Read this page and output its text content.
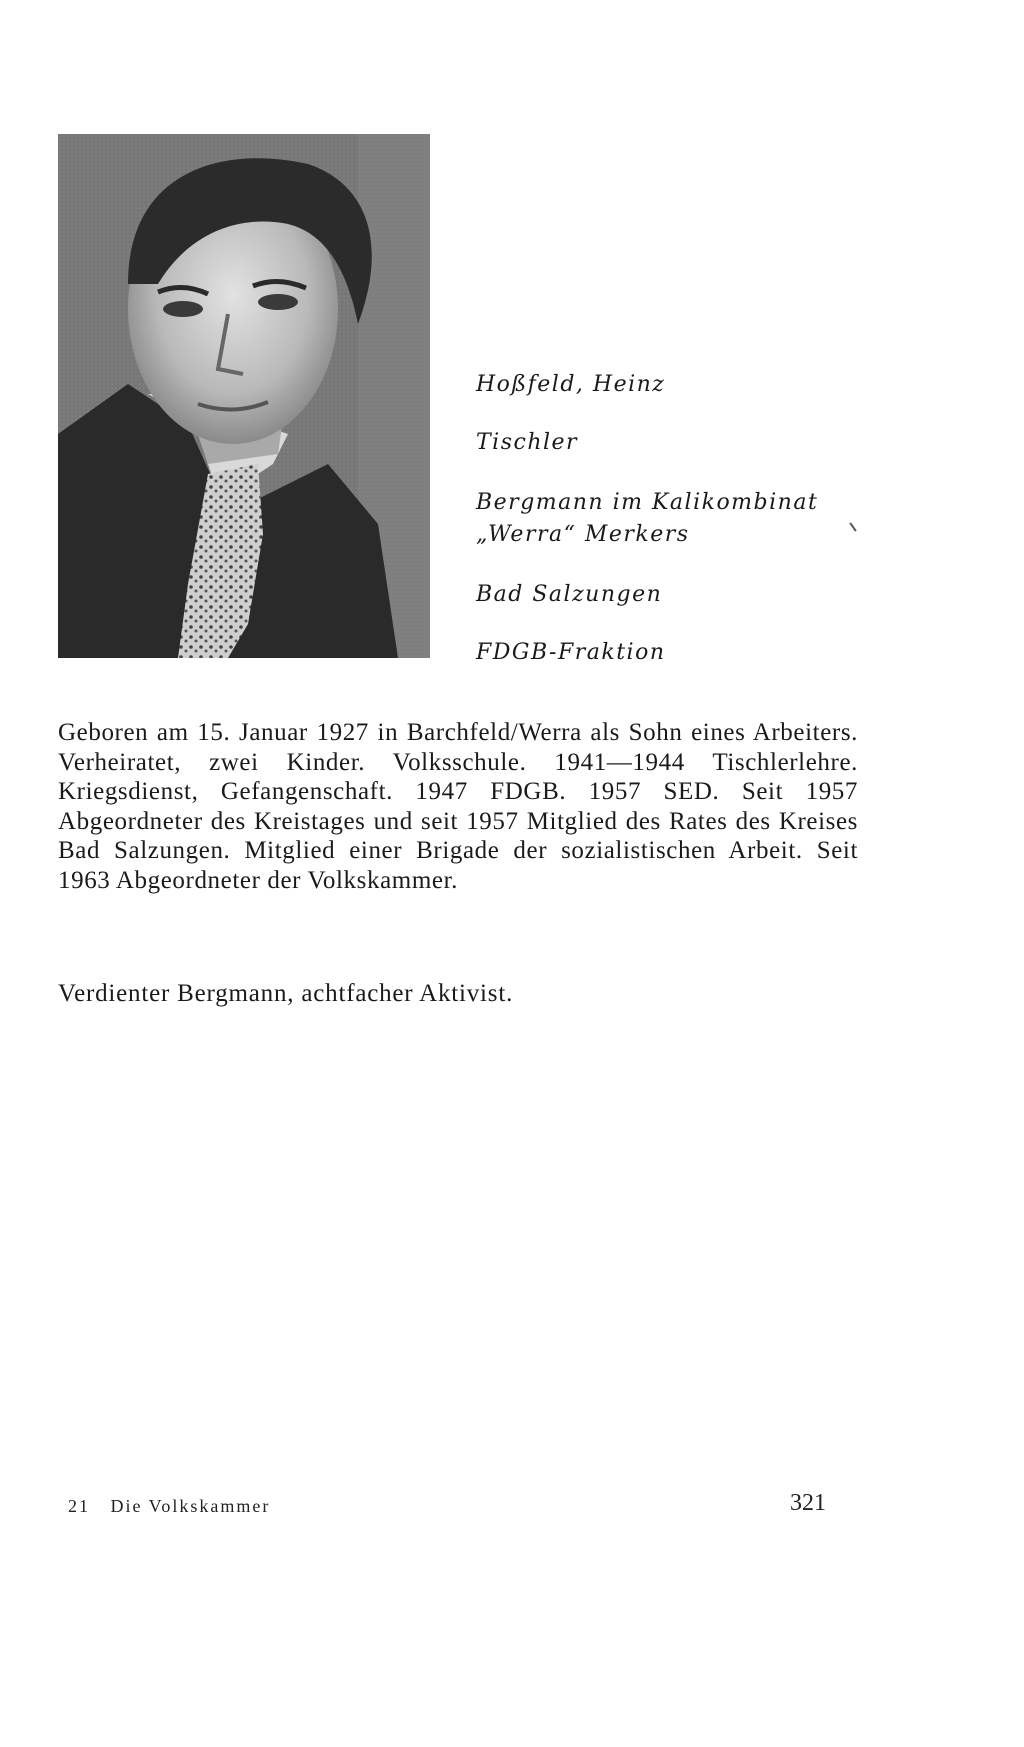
Hoßfeld, Heinz
Tischler
Bergmann im Kalikombinat
„Werra“ Merkers
Bad Salzungen
FDGB-Fraktion
Geboren am 15. Januar 1927 in Barchfeld/Werra als Sohn eines Arbeiters. Verheiratet, zwei Kinder. Volksschule. 1941—1944 Tischlerlehre. Kriegsdienst, Gefangenschaft. 1947 FDGB. 1957 SED. Seit 1957 Abgeordneter des Kreistages und seit 1957 Mitglied des Rates des Kreises Bad Salzungen. Mitglied einer Brigade der sozialistischen Arbeit. Seit 1963 Abgeordneter der Volkskammer.
Verdienter Bergmann, achtfacher Aktivist.
21 Die Volkskammer	321
